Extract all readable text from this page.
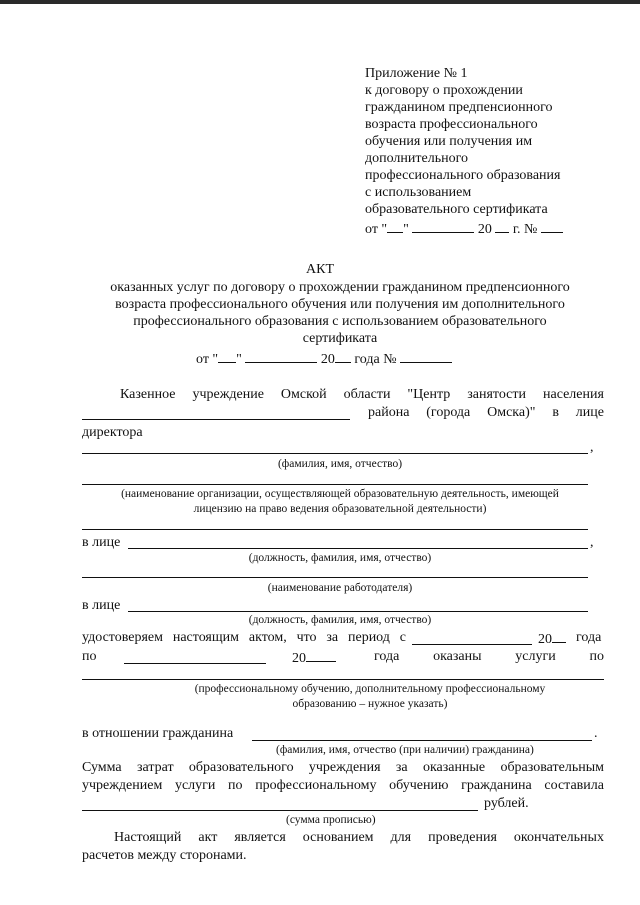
Приложение № 1
к договору о прохождении
гражданином предпенсионного
возраста профессионального
обучения или получения им
дополнительного
профессионального образования
с использованием
образовательного сертификата
от " "	20 г. №
АКТ
оказанных услуг по договору о прохождении гражданином предпенсионного
возраста профессионального обучения или получения им дополнительного
профессионального образования с использованием образовательного
сертификата
от " "	20 года №
Казенное учреждение Омской области "Центр занятости населения
района (города Омска)" в лице
директора
,
(фамилия, имя, отчество)
(наименование организации, осуществляющей образовательную деятельность, имеющей
лицензию на право ведения образовательной деятельности)
в лице	,
(должность, фамилия, имя, отчество)
(наименование работодателя)
в лице
(должность, фамилия, имя, отчество)
удостоверяем настоящим актом, что за период с	20	года
по	20	года оказаны услуги по
(профессиональному обучению, дополнительному профессиональному
образованию – нужное указать)
в отношении гражданина	.
(фамилия, имя, отчество (при наличии) гражданина)
Сумма затрат образовательного учреждения за оказанные образовательным
учреждением услуги по профессиональному обучению гражданина составила
рублей.
(сумма прописью)
Настоящий акт является основанием для проведения окончательных
расчетов между сторонами.
